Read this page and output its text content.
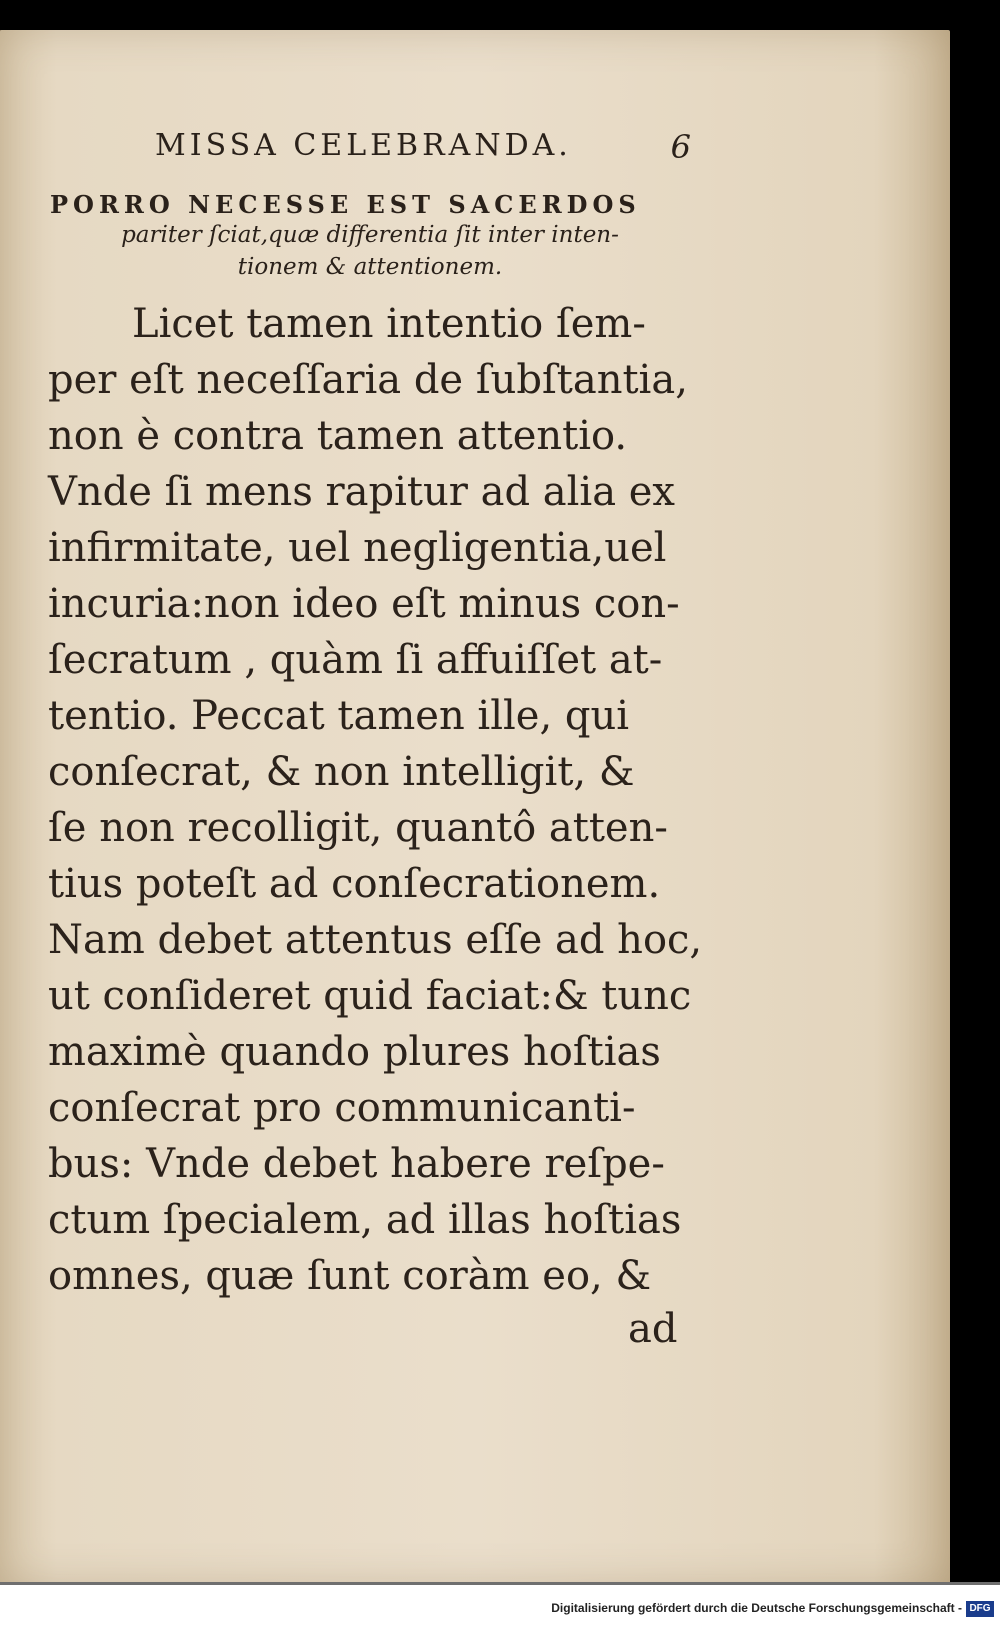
MISSA CELEBRANDA.	6
PORRO NECESSE EST SACERDOS
pariter ſciat,quæ differentia ſit inter inten-
tionem & attentionem.
Licet tamen intentio ſem-
per eſt neceſſaria de ſubſtantia,
non è contra tamen attentio.
Vnde ſi mens rapitur ad alia ex
infirmitate, uel negligentia,uel
incuria:non ideo eſt minus con-
ſecratum , quàm ſi affuiſſet at-
tentio. Peccat tamen ille, qui
conſecrat, & non intelligit, &
ſe non recolligit, quantô atten-
tius poteſt ad conſecrationem.
Nam debet attentus eſſe ad hoc,
ut conſideret quid faciat:& tunc
maximè quando plures hoſtias
conſecrat pro communicanti-
bus: Vnde debet habere reſpe-
ctum ſpecialem, ad illas hoſtias
omnes, quæ ſunt coràm eo, &
ad
Digitalisierung gefördert durch die Deutsche Forschungsgemeinschaft - DFG
